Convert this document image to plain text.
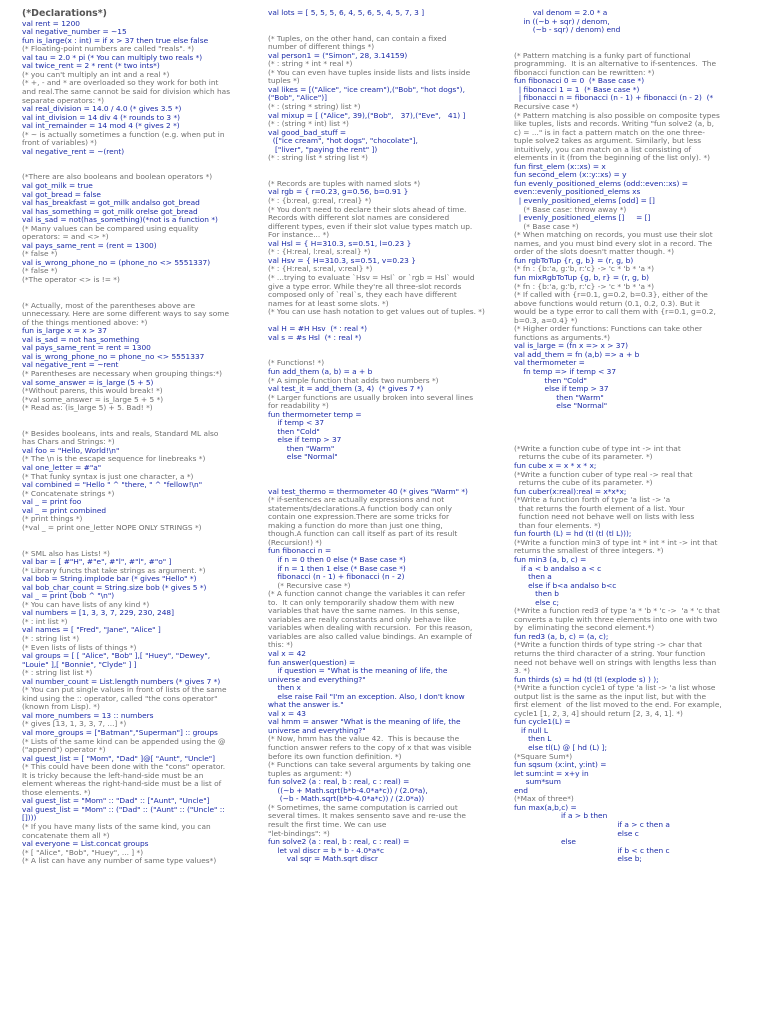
(*Declarations*)
val rent = 1200
val negative_number = ~15
fun is_large(x : int) = if x > 37 then true else false
(* Floating-point numbers are called "reals". *)
val tau = 2.0 * pi (* You can multiply two reals *)
val twice_rent = 2 * rent (* two ints*)
(* you can't multiply an int and a real *)
(* +, - and * are overloaded so they work for both int
and real.The same cannot be said for division which has
separate operators: *)
val real_division = 14.0 / 4.0 (* gives 3.5 *)
val int_division = 14 div 4 (* rounds to 3 *)
val int_remainder = 14 mod 4 (* gives 2 *)
(* ~ is actually sometimes a function (e.g. when put in
front of variables) *)
val negative_rent = ~(rent)
(*There are also booleans and boolean operators *)
val got_milk = true
val got_bread = false
val has_breakfast = got_milk andalso got_bread
val has_something = got_milk orelse got_bread
val is_sad = not(has_something)(*not is a function *)
(* Many values can be compared using equality
operators: = and <> *)
val pays_same_rent = (rent = 1300)
(* false *)
val is_wrong_phone_no = (phone_no <> 5551337)
(* false *)
(*The operator <> is != *)
(* Actually, most of the parentheses above are
unnecessary. Here are some different ways to say some
of the things mentioned above: *)
fun is_large x = x > 37
val is_sad = not has_something
val pays_same_rent = rent = 1300
val is_wrong_phone_no = phone_no <> 5551337
val negative_rent = ~rent
(* Parentheses are necessary when grouping things:*)
val some_answer = is_large (5 + 5)
(*Without parens, this would break! *)
(*val some_answer = is_large 5 + 5 *)
(* Read as: (is_large 5) + 5. Bad! *)
(* Besides booleans, ints and reals, Standard ML also
has Chars and Strings: *)
val foo = "Hello, World!\n"
(* The \n is the escape sequence for linebreaks *)
val one_letter = #"a"
(* That funky syntax is just one character, a *)
val combined = "Hello " ^ "there, " ^ "fellow!\n"
(* Concatenate strings *)
val _ = print foo
val _ = print combined
(* print things *)
(*val _ = print one_letter NOPE ONLY STRINGS *)
(* SML also has Lists! *)
val bar = [ #"H", #"e", #"l", #"l", #"o" ]
(* Library functs that take strings as argument. *)
val bob = String.implode bar (* gives "Hello" *)
val bob_char_count = String.size bob (* gives 5 *)
val _ = print (bob ^ "\n")
(* You can have lists of any kind *)
val numbers = [1, 3, 3, 7, 229, 230, 248]
(* : int list *)
val names = [ "Fred", "Jane", "Alice" ]
(* : string list *)
(* Even lists of lists of things *)
val groups = [ [ "Alice", "Bob" ],[ "Huey", "Dewey",
"Louie" ],[ "Bonnie", "Clyde" ] ]
(* : string list list *)
val number_count = List.length numbers (* gives 7 *)
(* You can put single values in front of lists of the same
kind using the :: operator, called "the cons operator"
(known from Lisp). *)
val more_numbers = 13 :: numbers
(* gives [13, 1, 3, 3, 7, ...] *)
val more_groups = ["Batman","Superman"] :: groups
(* Lists of the same kind can be appended using the @
("append") operator *)
val guest_list = [ "Mom", "Dad" ]@[ "Aunt", "Uncle"]
(* This could have been done with the "cons" operator.
It is tricky because the left-hand-side must be an
element whereas the right-hand-side must be a list of
those elements. *)
val guest_list = "Mom" :: "Dad" :: ["Aunt", "Uncle"]
val guest_list = "Mom" :: ("Dad" :: ("Aunt" :: ("Uncle" ::
[])))
(* If you have many lists of the same kind, you can
concatenate them all *)
val everyone = List.concat groups
(* [ "Alice", "Bob", "Huey", ... ] *)
(* A list can have any number of same type values*)
val lots = [ 5, 5, 5, 6, 4, 5, 6, 5, 4, 5, 7, 3 ]
(* Tuples, on the other hand, can contain a fixed
number of different things *)
val person1 = ("Simon", 28, 3.14159)
(* : string * int * real *)
(* You can even have tuples inside lists and lists inside
tuples *)
val likes = [("Alice", "ice cream"),("Bob", "hot dogs"),
("Bob", "Alice")]
(* : (string * string) list *)
val mixup = [ ("Alice", 39),("Bob",   37),("Eve",   41) ]
(* : (string * int) list *)
val good_bad_stuff =
(["ice cream", "hot dogs", "chocolate"],
["liver", "paying the rent" ])
(* : string list * string list *)
(* Records are tuples with named slots *)
val rgb = { r=0.23, g=0.56, b=0.91 }
(* : {b:real, g:real, r:real} *)
(* You don't need to declare their slots ahead of time.
Records with different slot names are considered
different types, even if their slot value types match up.
For instance... *)
val Hsl = { H=310.3, s=0.51, l=0.23 }
(* : {H:real, l:real, s:real} *)
val Hsv = { H=310.3, s=0.51, v=0.23 }
(* : {H:real, s:real, v:real} *)
(* ...trying to evaluate `Hsv = Hsl` or `rgb = Hsl` would
give a type error. While they're all three-slot records
composed only of `real`s, they each have different
names for at least some slots. *)
(* You can use hash notation to get values out of tuples. *)
val H = #H Hsv  (* : real *)
val s = #s Hsl  (* : real *)
(* Functions! *)
fun add_them (a, b) = a + b
(* A simple function that adds two numbers *)
val test_it = add_them (3, 4)  (* gives 7 *)
(* Larger functions are usually broken into several lines
for readability *)
fun thermometer temp =
if temp < 37
then "Cold"
else if temp > 37
then "Warm"
else "Normal"
val test_thermo = thermometer 40 (* gives "Warm" *)
(* if-sentences are actually expressions and not
statements/declarations.A function body can only
contain one expression.There are some tricks for
making a function do more than just one thing,
though.A function can call itself as part of its result
(Recursion!) *)
fun fibonacci n =
if n = 0 then 0 else (* Base case *)
if n = 1 then 1 else (* Base case *)
fibonacci (n - 1) + fibonacci (n - 2)
(* Recursive case *)
(* A function cannot change the variables it can refer
to.  It can only temporarily shadow them with new
variables that have the same names.  In this sense,
variables are really constants and only behave like
variables when dealing with recursion.  For this reason,
variables are also called value bindings. An example of
this: *)
val x = 42
fun answer(question) =
if question = "What is the meaning of life, the
universe and everything?"
then x
else raise Fail "I'm an exception. Also, I don't know
what the answer is."
val x = 43
val hmm = answer "What is the meaning of life, the
universe and everything?"
(* Now, hmm has the value 42.  This is because the
function answer refers to the copy of x that was visible
before its own function definition. *)
(* Functions can take several arguments by taking one
tuples as argument: *)
fun solve2 (a : real, b : real, c : real) =
((~b + Math.sqrt(b*b-4.0*a*c)) / (2.0*a),
(~b - Math.sqrt(b*b-4.0*a*c)) / (2.0*a))
(* Sometimes, the same computation is carried out
several times. It makes sensento save and re-use the
result the first time. We can use
"let-bindings": *)
fun solve2 (a : real, b : real, c : real) =
let val discr = b * b - 4.0*a*c
val sqr = Math.sqrt discr
val denom = 2.0 * a
in ((~b + sqr) / denom,
(~b - sqr) / denom) end
(* Pattern matching is a funky part of functional
programming.  It is an alternative to if-sentences.  The
fibonacci function can be rewritten: *)
fun fibonacci 0 = 0  (* Base case *)
| fibonacci 1 = 1  (* Base case *)
| fibonacci n = fibonacci (n - 1) + fibonacci (n - 2)  (*
Recursive case *)
(* Pattern matching is also possible on composite types
like tuples, lists and records. Writing "fun solve2 (a, b,
c) = ..." is in fact a pattern match on the one three-
tuple solve2 takes as argument. Similarly, but less
intuitively, you can match on a list consisting of
elements in it (from the beginning of the list only). *)
fun first_elem (x::xs) = x
fun second_elem (x::y::xs) = y
fun evenly_positioned_elems (odd::even::xs) =
even::evenly_positioned_elems xs
| evenly_positioned_elems [odd] = []
(* Base case: throw away *)
| evenly_positioned_elems []     = []
(* Base case *)
(* When matching on records, you must use their slot
names, and you must bind every slot in a record. The
order of the slots doesn't matter though. *)
fun rgbToTup {r, g, b} = (r, g, b)
(* fn : {b:'a, g:'b, r:'c} -> 'c * 'b * 'a *)
fun mixRgbToTup {g, b, r} = (r, g, b)
(* fn : {b:'a, g:'b, r:'c} -> 'c * 'b * 'a *)
(* If called with {r=0.1, g=0.2, b=0.3}, either of the
above functions would return (0.1, 0.2, 0.3). But it
would be a type error to call them with {r=0.1, g=0.2,
b=0.3, a=0.4} *)
(* Higher order functions: Functions can take other
functions as arguments.*)
val is_large = (fn x => x > 37)
val add_them = fn (a,b) => a + b
val thermometer =
fn temp => if temp < 37
then "Cold"
else if temp > 37
then "Warm"
else "Normal"
(*Write a function cube of type int -> int that
returns the cube of its parameter. *)
fun cube x = x * x * x;
(*Write a function cuber of type real -> real that
returns the cube of its parameter. *)
fun cuber(x:real):real = x*x*x;
(*Write a function forth of type 'a list -> 'a
that returns the fourth element of a list. Your
function need not behave well on lists with less
than four elements. *)
fun fourth (L) = hd (tl (tl (tl L)));
(*Write a function min3 of type int * int * int -> int that
returns the smallest of three integers. *)
fun min3 (a, b, c) =
if a < b andalso a < c
then a
else if b<a andalso b<c
then b
else c;
(*Write a function red3 of type 'a * 'b * 'c ->  'a * 'c that
converts a tuple with three elements into one with two
by  eliminating the second element.*)
fun red3 (a, b, c) = (a, c);
(*Write a function thirds of type string -> char that
returns the third character of a string. Your function
need not behave well on strings with lengths less than
3. *)
fun thirds (s) = hd (tl (tl (explode s) ) );
(*Write a function cycle1 of type 'a list -> 'a list whose
output list is the same as the input list, but with the
first element  of the list moved to the end. For example,
cycle1 [1, 2, 3, 4] should return [2, 3, 4, 1]. *)
fun cycle1(L) =
if null L
then L
else tl(L) @ [ hd (L) ];
(*Square Sum*)
fun sqsum (x:int, y:int) =
let sum:int = x+y in
sum*sum
end
(*Max of three*)
fun max(a,b,c) =
if a > b then
if a > c then a
else c
else
if b < c then c
else b;
